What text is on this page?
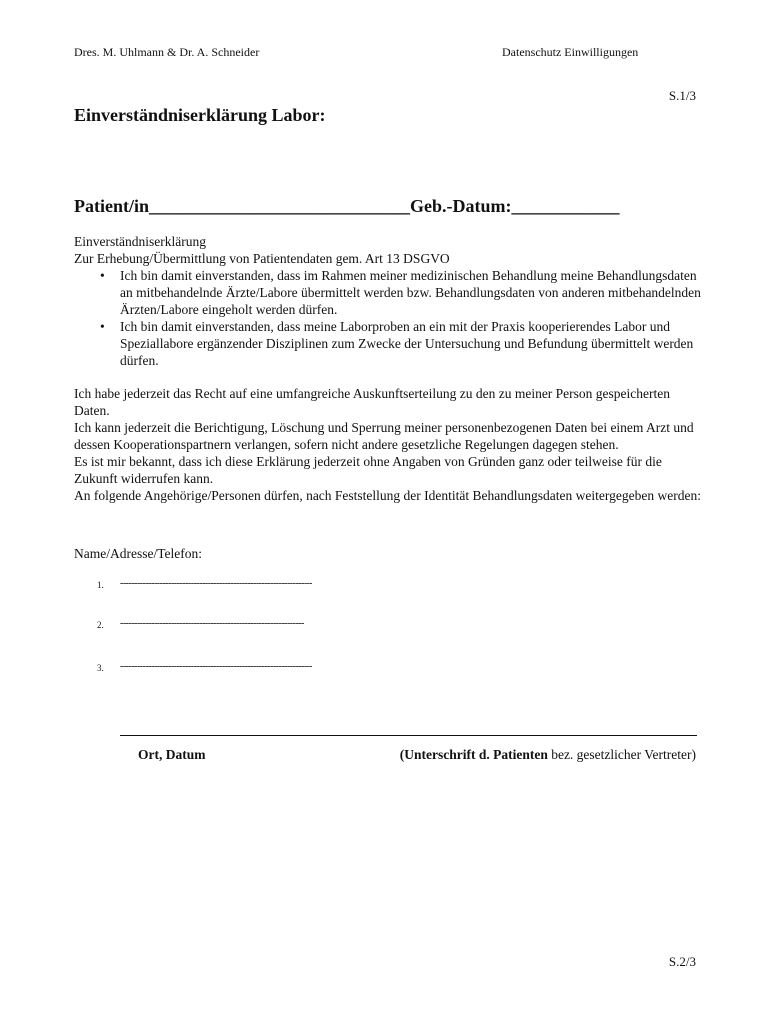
Dres. M. Uhlmann & Dr. A. Schneider	Datenschutz Einwilligungen
S.1/3
Einverständniserklärung Labor:
Patient/in_____________________________Geb.-Datum:____________

Einverständniserklärung

Zur Erhebung/Übermittlung von Patientendaten gem. Art 13 DSGVO

• Ich bin damit einverstanden, dass im Rahmen meiner medizinischen Behandlung meine Behandlungsdaten an mitbehandelnde Ärzte/Labore übermittelt werden bzw. Behandlungsdaten von anderen mitbehandelnden Ärzten/Labore eingeholt werden dürfen.
• Ich bin damit einverstanden, dass meine Laborproben an ein mit der Praxis kooperierendes Labor und Speziallabore ergänzender Disziplinen zum Zwecke der Untersuchung und Befundung übermittelt werden dürfen.

Ich habe jederzeit das Recht auf eine umfangreiche Auskunftserteilung zu den zu meiner Person gespeicherten Daten.

Ich kann jederzeit die Berichtigung, Löschung und Sperrung meiner personenbezogenen Daten bei einem Arzt und dessen Kooperationspartnern verlangen, sofern nicht andere gesetzliche Regelungen dagegen stehen.

Es ist mir bekannt, dass ich diese Erklärung jederzeit ohne Angaben von Gründen ganz oder teilweise für die Zukunft widerrufen kann.

An folgende Angehörige/Personen dürfen, nach Feststellung der Identität Behandlungsdaten weitergegeben werden:

Name/Adresse/Telefon:
1. --------------------------------------------------------------------
2. -----------------------------------------------------------------
3. --------------------------------------------------------------------
Ort, Datum	(Unterschrift d. Patienten bez. gesetzlicher Vertreter)
S.2/3
